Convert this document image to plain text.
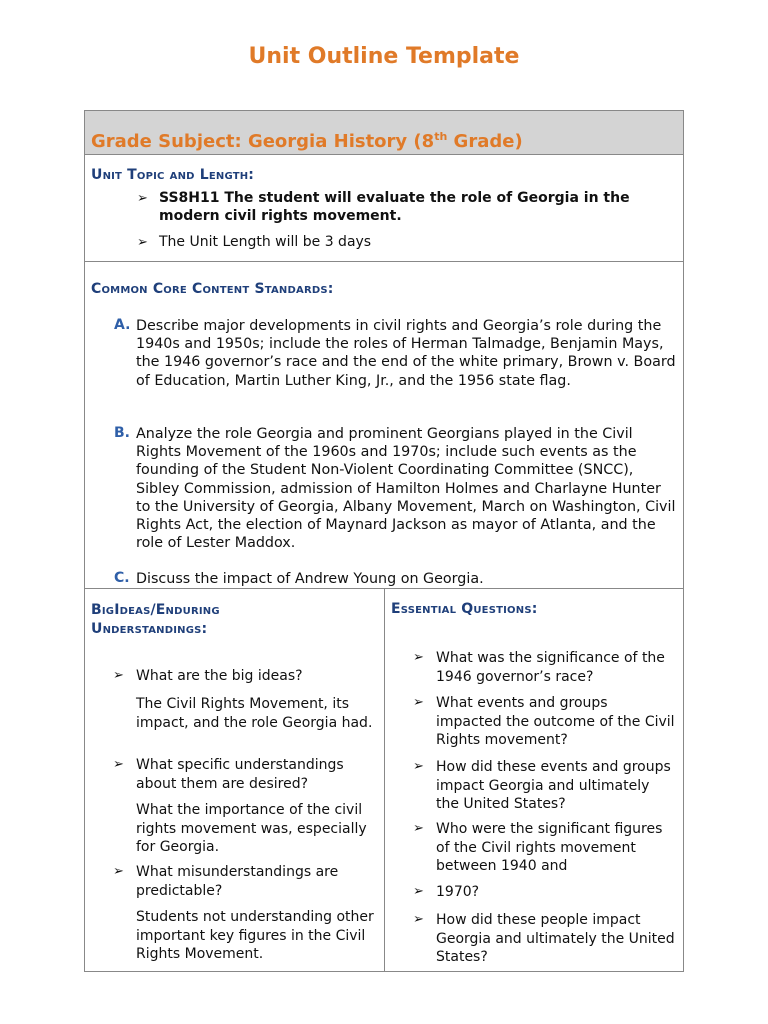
Unit Outline Template
Grade Subject: Georgia History (8th Grade)
Unit Topic and Length:
➢ SS8H11 The student will evaluate the role of Georgia in the modern civil rights movement.
➢ The Unit Length will be 3 days
Common Core Content Standards:
A. Describe major developments in civil rights and Georgia’s role during the 1940s and 1950s; include the roles of Herman Talmadge, Benjamin Mays, the 1946 governor’s race and the end of the white primary, Brown v. Board of Education, Martin Luther King, Jr., and the 1956 state flag.
B. Analyze the role Georgia and prominent Georgians played in the Civil Rights Movement of the 1960s and 1970s; include such events as the founding of the Student Non-Violent Coordinating Committee (SNCC), Sibley Commission, admission of Hamilton Holmes and Charlayne Hunter to the University of Georgia, Albany Movement, March on Washington, Civil Rights Act, the election of Maynard Jackson as mayor of Atlanta, and the role of Lester Maddox.
C. Discuss the impact of Andrew Young on Georgia.
BigIdeas/Enduring
Understandings:
➢ What are the big ideas?
The Civil Rights Movement, its impact, and the role Georgia had.
➢ What specific understandings about them are desired?
What the importance of the civil rights movement was, especially for Georgia.
➢ What misunderstandings are predictable?
Students not understanding other important key figures in the Civil Rights Movement.
Essential Questions:
➢ What was the significance of the 1946 governor’s race?
➢ What events and groups impacted the outcome of the Civil Rights movement?
➢ How did these events and groups impact Georgia and ultimately the United States?
➢ Who were the significant figures of the Civil rights movement between 1940 and
➢ 1970?
➢ How did these people impact Georgia and ultimately the United States?
